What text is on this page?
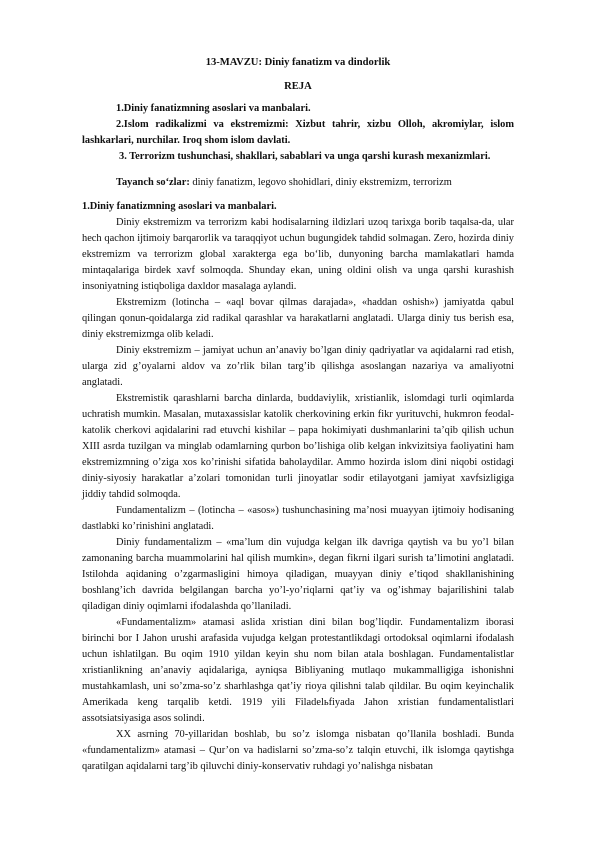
13-MAVZU: Diniy fanatizm va dindorlik

REJA

1.Diniy fanatizmning asoslari va manbalari.

2.Islom radikalizmi va ekstremizmi: Xizbut tahrir, xizbu Olloh, akromiylar, islom lashkarlari, nurchilar. Iroq shom islom davlati.

3. Terrorizm tushunchasi, shakllari, sabablari va unga qarshi kurash mexanizmlari.

Tayanch so‘zlar: diniy fanatizm, legovo shohidlari, diniy ekstremizm, terrorizm

1.Diniy fanatizmning asoslari va manbalari.

Diniy ekstremizm va terrorizm kabi hodisalarning ildizlari uzoq tarixga borib taqalsa-da, ular hech qachon ijtimoiy barqarorlik va taraqqiyot uchun bugungidek tahdid solmagan. Zero, hozirda diniy ekstremizm va terrorizm global xarakterga ega bo‘lib, dunyoning barcha mamlakatlari hamda mintaqalariga birdek xavf solmoqda. Shunday ekan, uning oldini olish va unga qarshi kurashish insoniyatning istiqboliga daxldor masalaga aylandi.

Ekstremizm (lotincha – «aql bovar qilmas darajada», «haddan oshish») jamiyatda qabul qilingan qonun-qoidalarga zid radikal qarashlar va harakatlarni anglatadi. Ularga diniy tus berish esa, diniy ekstremizmga olib keladi.

Diniy ekstremizm – jamiyat uchun an’anaviy bo’lgan diniy qadriyatlar va aqidalarni rad etish, ularga zid g’oyalarni aldov va zo’rlik bilan targ’ib qilishga asoslangan nazariya va amaliyotni anglatadi.

Ekstremistik qarashlarni barcha dinlarda, buddaviylik, xristianlik, islomdagi turli oqimlarda uchratish mumkin. Masalan, mutaxassislar katolik cherkovining erkin fikr yurituvchi, hukmron feodal-katolik cherkovi aqidalarini rad etuvchi kishilar – papa hokimiyati dushmanlarini ta’qib qilish uchun XIII asrda tuzilgan va minglab odamlarning qurbon bo’lishiga olib kelgan inkvizitsiya faoliyatini ham ekstremizmning o’ziga xos ko’rinishi sifatida baholaydilar. Ammo hozirda islom dini niqobi ostidagi diniy-siyosiy harakatlar a’zolari tomonidan turli jinoyatlar sodir etilayotgani jamiyat xavfsizligiga jiddiy tahdid solmoqda.

Fundamentalizm – (lotincha – «asos») tushunchasining ma’nosi muayyan ijtimoiy hodisaning dastlabki ko’rinishini anglatadi.

Diniy fundamentalizm – «ma’lum din vujudga kelgan ilk davriga qaytish va bu yo’l bilan zamonaning barcha muammolarini hal qilish mumkin», degan fikrni ilgari surish ta’limotini anglatadi. Istilohda aqidaning o’zgarmasligini himoya qiladigan, muayyan diniy e’tiqod shakllanishining boshlang’ich davrida belgilangan barcha yo’l-yo’riqlarni qat’iy va og’ishmay bajarilishini talab qiladigan diniy oqimlarni ifodalashda qo’llaniladi.

«Fundamentalizm» atamasi aslida xristian dini bilan bog’liqdir. Fundamentalizm iborasi birinchi bor I Jahon urushi arafasida vujudga kelgan protestantlikdagi ortodoksal oqimlarni ifodalash uchun ishlatilgan. Bu oqim 1910 yildan keyin shu nom bilan atala boshlagan. Fundamentalistlar xristianlikning an’anaviy aqidalariga, ayniqsa Bibliyaning mutlaqo mukammalligiga ishonishni mustahkamlash, uni so’zma-so’z sharhlashga qat’iy rioya qilishni talab qildilar. Bu oqim keyinchalik Amerikada keng tarqalib ketdi. 1919 yili Filadelьfiyada Jahon xristian fundamentalistlari assotsiatsiyasiga asos solindi.

XX asrning 70-yillaridan boshlab, bu so’z islomga nisbatan qo’llanila boshladi. Bunda «fundamentalizm» atamasi – Qur’on va hadislarni so’zma-so’z talqin etuvchi, ilk islomga qaytishga qaratilgan aqidalarni targ’ib qiluvchi diniy-konservativ ruhdagi yo’nalishga nisbatan
